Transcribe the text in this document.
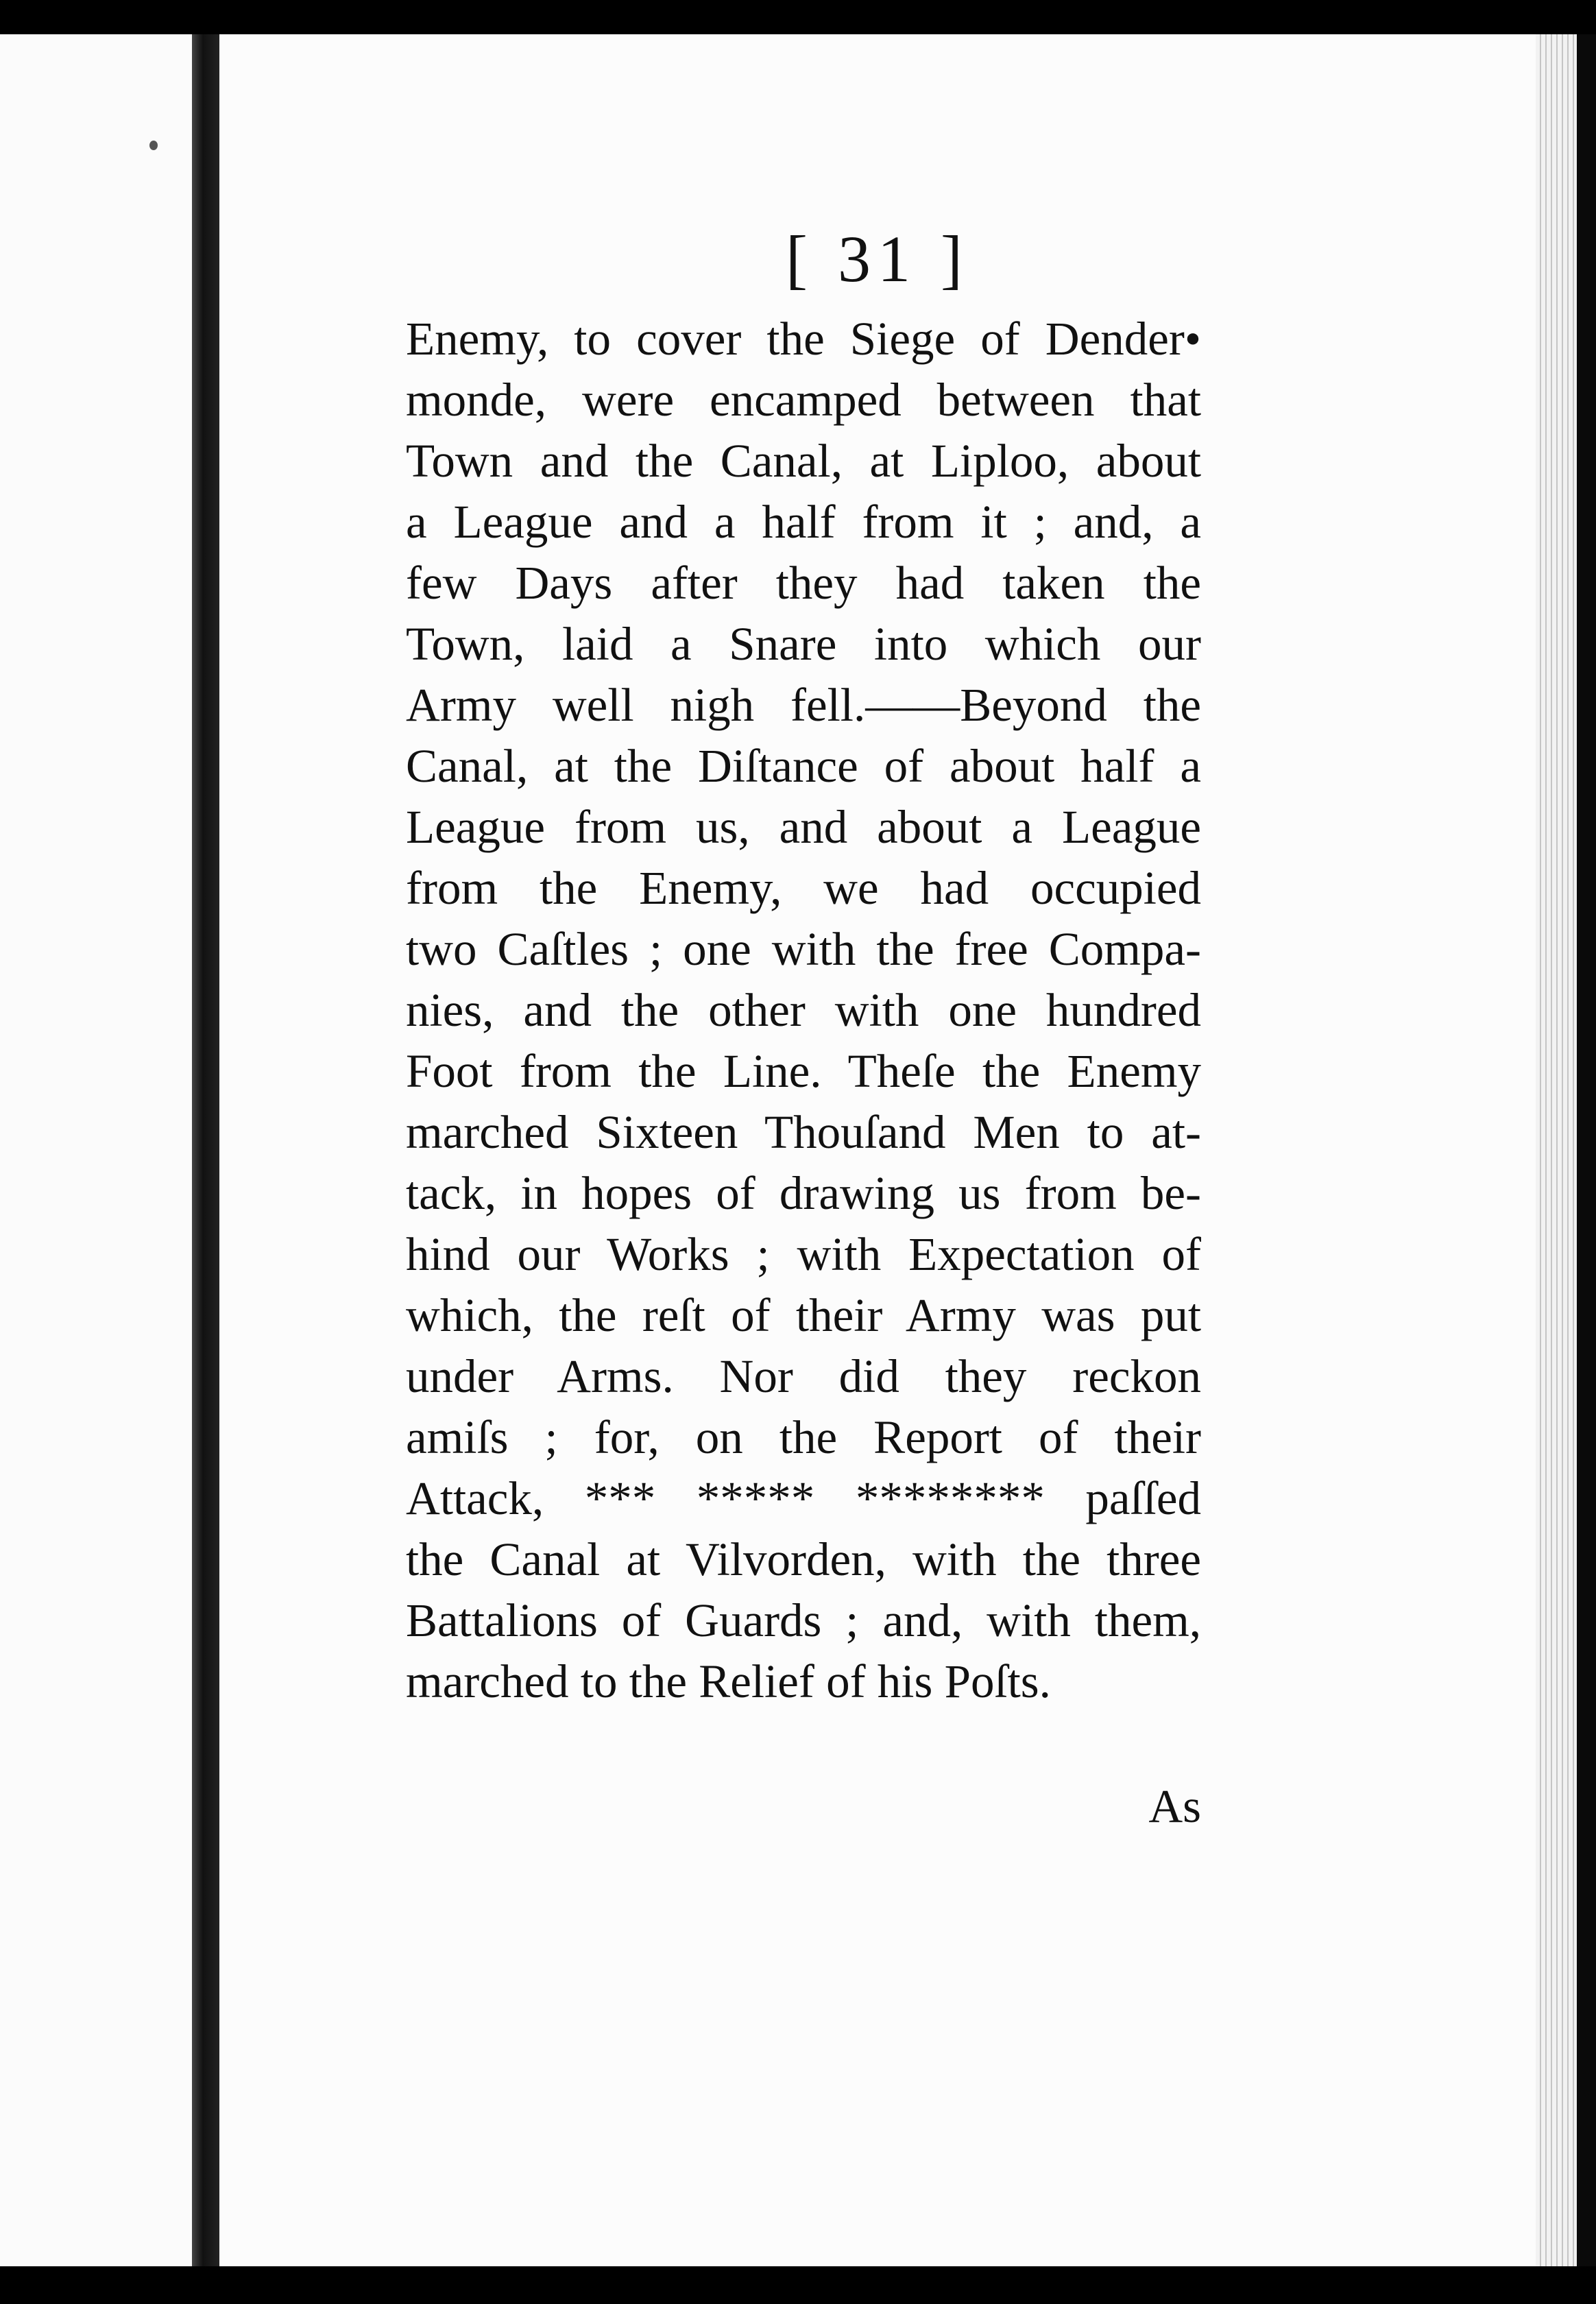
[ 31 ]
Enemy, to cover the Siege of Dender•
monde, were encamped between that
Town and the Canal, at Liploo, about
a League and a half from it ; and, a
few Days after they had taken the
Town, laid a Snare into which our
Army well nigh fell.——Beyond the
Canal, at the Diſtance of about half a
League from us, and about a League
from the Enemy, we had occupied
two Caſtles ; one with the free Compa-
nies, and the other with one hundred
Foot from the Line. Theſe the Enemy
marched Sixteen Thouſand Men to at-
tack, in hopes of drawing us from be-
hind our Works ; with Expectation of
which, the reſt of their Army was put
under Arms. Nor did they reckon
amiſs ; for, on the Report of their
Attack, *** ***** ******** paſſed
the Canal at Vilvorden, with the three
Battalions of Guards ; and, with them,
marched to the Relief of his Poſts.
As
